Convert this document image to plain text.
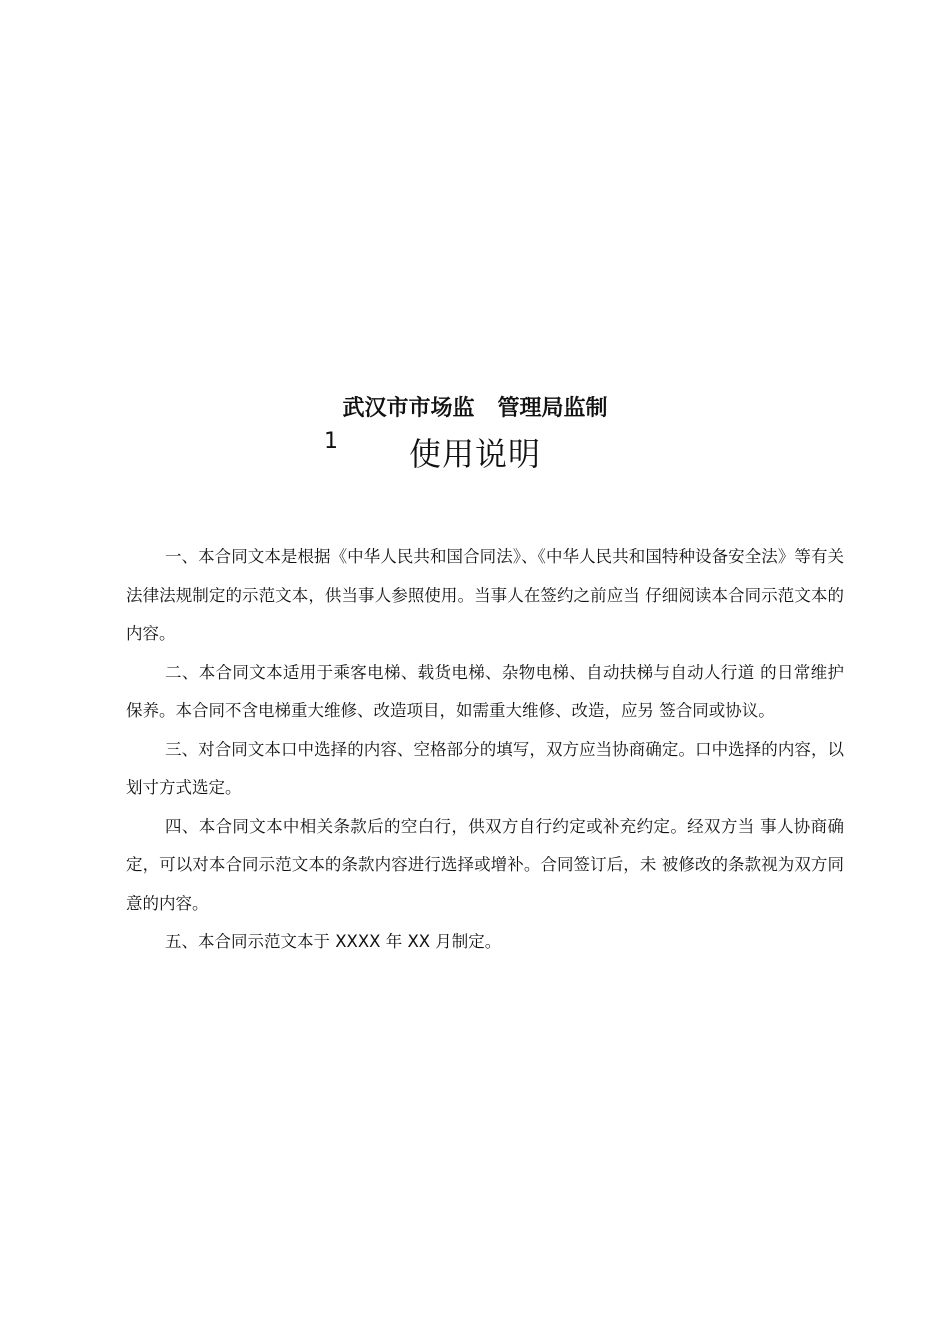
武汉市市场监   管理局监制
1	使用说明

一、本合同文本是根据《中华人民共和国合同法》、《中华人民共和国特种设备安全法》等有关法律法规制定的示范文本，供当事人参照使用。当事人在签约之前应当 仔细阅读本合同示范文本的内容。

二、本合同文本适用于乘客电梯、载货电梯、杂物电梯、自动扶梯与自动人行道 的日常维护保养。本合同不含电梯重大维修、改造项目，如需重大维修、改造，应另 签合同或协议。

三、对合同文本口中选择的内容、空格部分的填写，双方应当协商确定。口中选择的内容，以划寸方式选定。

四、本合同文本中相关条款后的空白行，供双方自行约定或补充约定。经双方当 事人协商确定，可以对本合同示范文本的条款内容进行选择或增补。合同签订后，未 被修改的条款视为双方同意的内容。

五、本合同示范文本于 XXXX 年 XX 月制定。
